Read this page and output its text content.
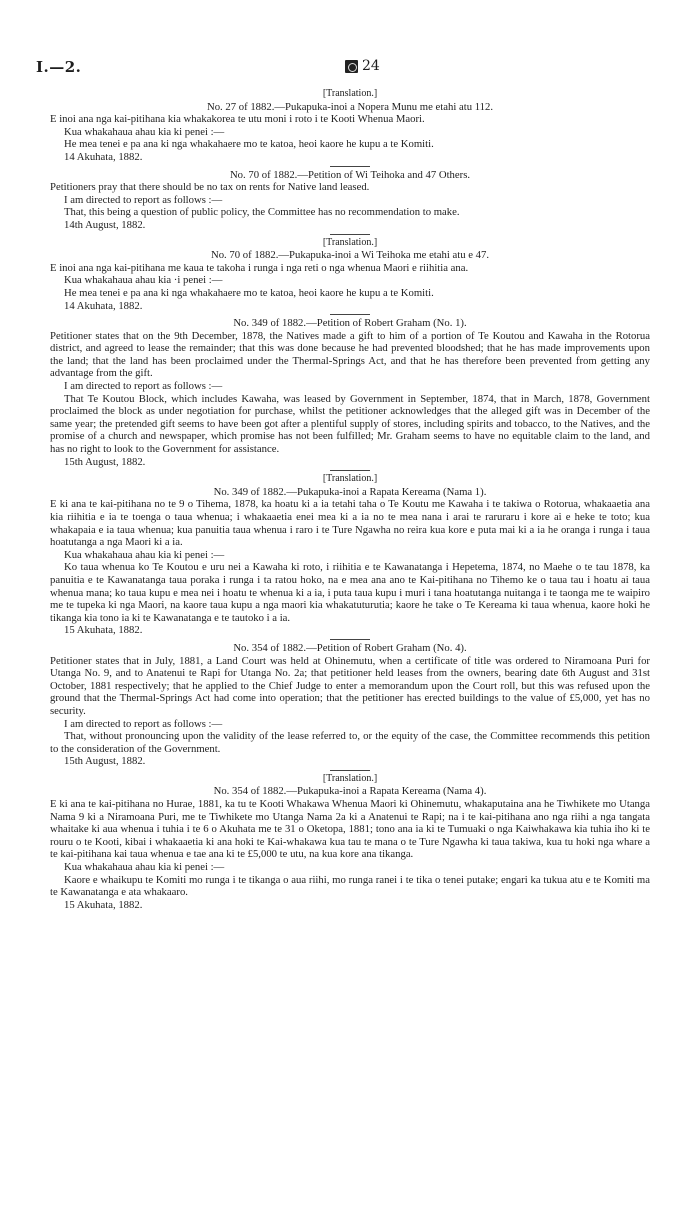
I.—2.	24

[Translation.]

No. 27 of 1882.—Pukapuka-inoi a Nopera Munu me etahi atu 112.

E inoi ana nga kai-pitihana kia whakakorea te utu moni i roto i te Kooti Whenua Maori.

Kua whakahaua ahau kia ki penei :—

He mea tenei e pa ana ki nga whakahaere mo te katoa, heoi kaore he kupu a te Komiti.

14 Akuhata, 1882.

No. 70 of 1882.—Petition of Wi Teihoka and 47 Others.

Petitioners pray that there should be no tax on rents for Native land leased.

I am directed to report as follows :—

That, this being a question of public policy, the Committee has no recommendation to make.

14th August, 1882.

[Translation.]

No. 70 of 1882.—Pukapuka-inoi a Wi Teihoka me etahi atu e 47.

E inoi ana nga kai-pitihana me kaua te takoha i runga i nga reti o nga whenua Maori e riihitia ana.

Kua whakahaua ahau kia ·i penei :—

He mea tenei e pa ana ki nga whakahaere mo te katoa, heoi kaore he kupu a te Komiti.

14 Akuhata, 1882.

No. 349 of 1882.—Petition of Robert Graham (No. 1).

Petitioner states that on the 9th December, 1878, the Natives made a gift to him of a portion of Te Koutou and Kawaha in the Rotorua district, and agreed to lease the remainder; that this was done because he had prevented bloodshed; that he has made improvements upon the land; that the land has been proclaimed under the Thermal-Springs Act, and that he has therefore been prevented from getting any advantage from the gift.

I am directed to report as follows :—

That Te Koutou Block, which includes Kawaha, was leased by Government in September, 1874, that in March, 1878, Government proclaimed the block as under negotiation for purchase, whilst the petitioner acknowledges that the alleged gift was in December of the same year; the pretended gift seems to have been got after a plentiful supply of stores, including spirits and tobacco, to the Natives, and the promise of a church and newspaper, which promise has not been fulfilled; Mr. Graham seems to have no equitable claim to the land, and has no right to look to the Government for assistance.

15th August, 1882.

[Translation.]

No. 349 of 1882.—Pukapuka-inoi a Rapata Kereama (Nama 1).

E ki ana te kai-pitihana no te 9 o Tihema, 1878, ka hoatu ki a ia tetahi taha o Te Koutu me Kawaha i te takiwa o Rotorua, whakaaetia ana kia riihitia e ia te toenga o taua whenua; i whakaaetia enei mea ki a ia no te mea nana i arai te raruraru i kore ai e heke te toto; kua whakapaia e ia taua whenua; kua panuitia taua whenua i raro i te Ture Ngawha no reira kua kore e puta mai ki a ia he oranga i runga i taua hoatutanga a nga Maori ki a ia.

Kua whakahaua ahau kia ki penei :—

Ko taua whenua ko Te Koutou e uru nei a Kawaha ki roto, i riihitia e te Kawanatanga i Hepetema, 1874, no Maehe o te tau 1878, ka panuitia e te Kawanatanga taua poraka i runga i ta ratou hoko, na e mea ana ano te Kai-pitihana no Tihemo ke o taua tau i hoatu ai taua whenua mana; ko taua kupu e mea nei i hoatu te whenua ki a ia, i puta taua kupu i muri i tana hoatutanga nuitanga i te taonga me te waipiro me te tupeka ki nga Maori, na kaore taua kupu a nga maori kia whakatuturutia; kaore he take o Te Kereama ki taua whenua, kaore hoki he tikanga kia tono ia ki te Kawanatanga e te tautoko i a ia.

15 Akuhata, 1882.

No. 354 of 1882.—Petition of Robert Graham (No. 4).

Petitioner states that in July, 1881, a Land Court was held at Ohinemutu, when a certificate of title was ordered to Niramoana Puri for Utanga No. 9, and to Anatenui te Rapi for Utanga No. 2a; that petitioner held leases from the owners, bearing date 6th August and 31st October, 1881 respectively; that he applied to the Chief Judge to enter a memorandum upon the Court roll, but this was refused upon the ground that the Thermal-Springs Act had come into operation; that the petitioner has erected buildings to the value of £5,000, yet has no security.

I am directed to report as follows :—

That, without pronouncing upon the validity of the lease referred to, or the equity of the case, the Committee recommends this petition to the consideration of the Government.

15th August, 1882.

[Translation.]

No. 354 of 1882.—Pukapuka-inoi a Rapata Kereama (Nama 4).

E ki ana te kai-pitihana no Hurae, 1881, ka tu te Kooti Whakawa Whenua Maori ki Ohinemutu, whakaputaina ana he Tiwhikete mo Utanga Nama 9 ki a Niramoana Puri, me te Tiwhikete mo Utanga Nama 2a ki a Anatenui te Rapi; na i te kai-pitihana ano nga riihi a nga tangata whaitake ki aua whenua i tuhia i te 6 o Akuhata me te 31 o Oketopa, 1881; tono ana ia ki te Tumuaki o nga Kaiwhakawa kia tuhia iho ki te rouru o te Kooti, kibai i whakaaetia ki ana hoki te Kai-whakawa kua tau te mana o te Ture Ngawha ki taua takiwa, kua tu hoki nga whare a te kai-pitihana kai taua whenua e tae ana ki te £5,000 te utu, na kua kore ana tikanga.

Kua whakahaua ahau kia ki penei :—

Kaore e whaikupu te Komiti mo runga i te tikanga o aua riihi, mo runga ranei i te tika o tenei putake; engari ka tukua atu e te Komiti ma te Kawanatanga e ata whakaaro.

15 Akuhata, 1882.
